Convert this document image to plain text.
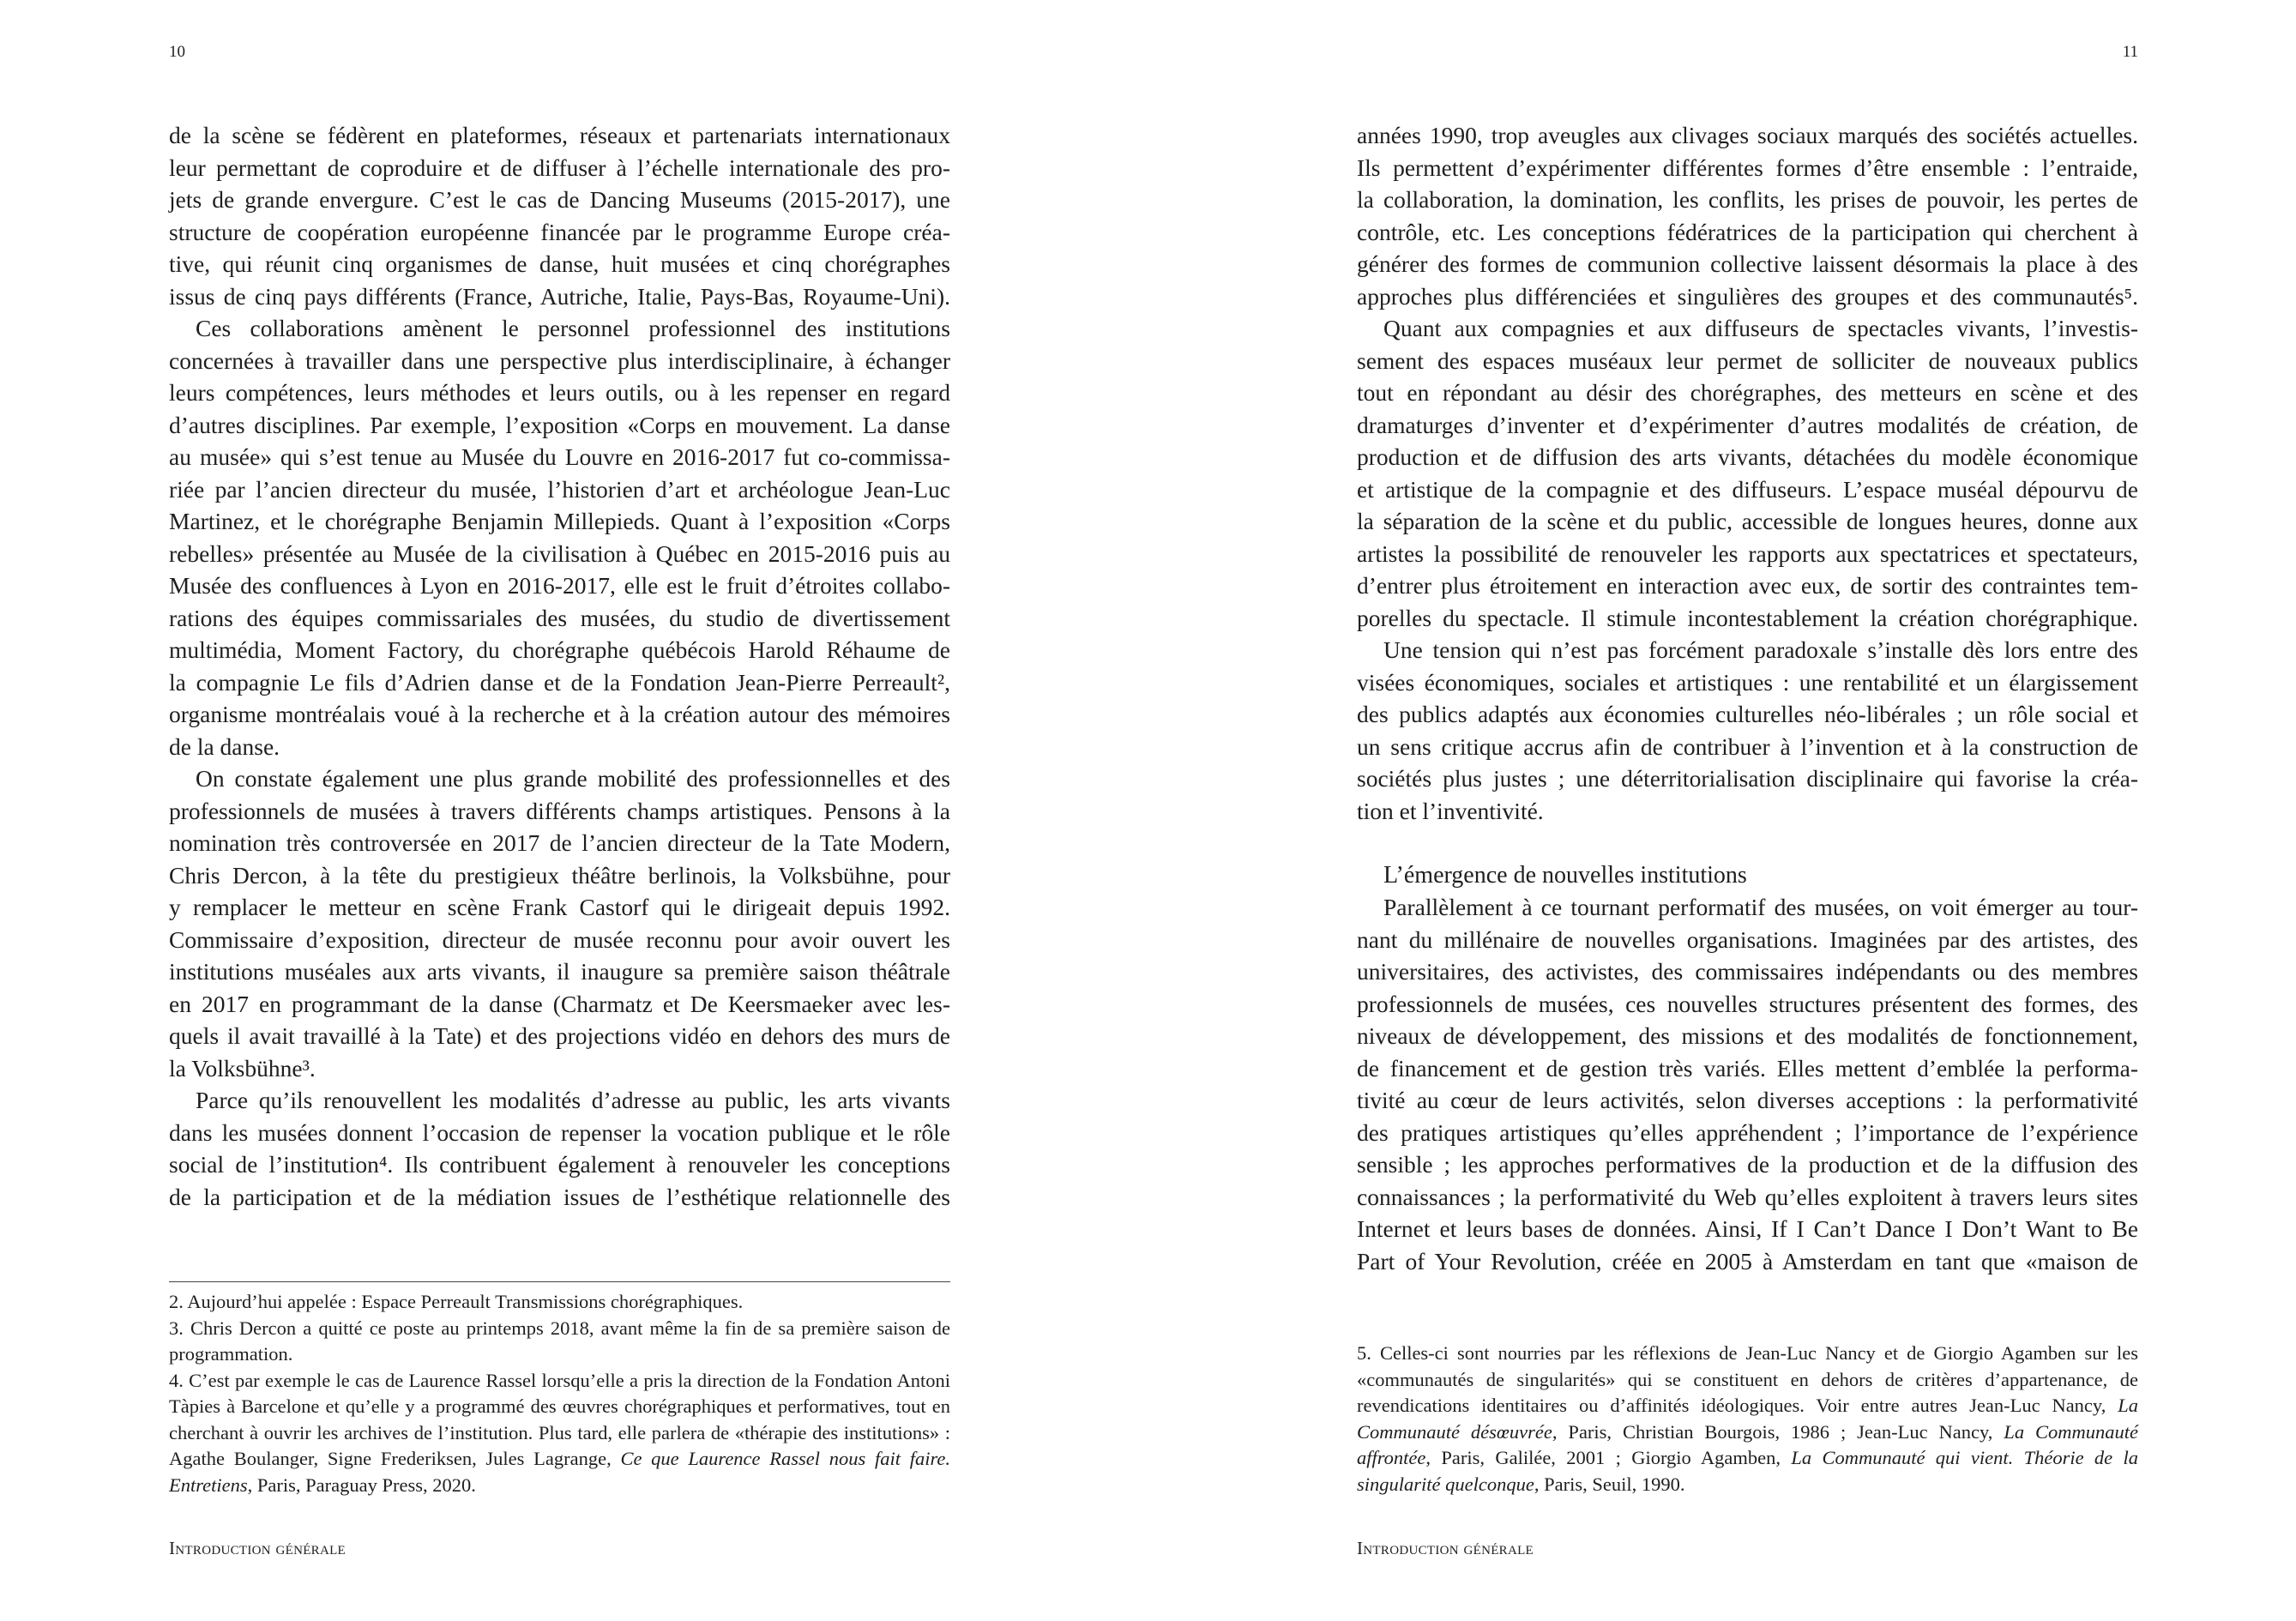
10
de la scène se fédèrent en plateformes, réseaux et partenariats internationaux
leur permettant de coproduire et de diffuser à l’échelle internationale des pro-
jets de grande envergure. C’est le cas de Dancing Museums (2015-2017), une
structure de coopération européenne financée par le programme Europe créa-
tive, qui réunit cinq organismes de danse, huit musées et cinq chorégraphes
issus de cinq pays différents (France, Autriche, Italie, Pays-Bas, Royaume-Uni).
Ces collaborations amènent le personnel professionnel des institutions
concernées à travailler dans une perspective plus interdisciplinaire, à échanger
leurs compétences, leurs méthodes et leurs outils, ou à les repenser en regard
d’autres disciplines. Par exemple, l’exposition «Corps en mouvement. La danse
au musée» qui s’est tenue au Musée du Louvre en 2016-2017 fut co-commissa-
riée par l’ancien directeur du musée, l’historien d’art et archéologue Jean-Luc
Martinez, et le chorégraphe Benjamin Millepieds. Quant à l’exposition «Corps
rebelles» présentée au Musée de la civilisation à Québec en 2015-2016 puis au
Musée des confluences à Lyon en 2016-2017, elle est le fruit d’étroites collabo-
rations des équipes commissariales des musées, du studio de divertissement
multimédia, Moment Factory, du chorégraphe québécois Harold Réhaume de
la compagnie Le fils d’Adrien danse et de la Fondation Jean-Pierre Perreault²,
organisme montréalais voué à la recherche et à la création autour des mémoires
de la danse.
On constate également une plus grande mobilité des professionnelles et des
professionnels de musées à travers différents champs artistiques. Pensons à la
nomination très controversée en 2017 de l’ancien directeur de la Tate Modern,
Chris Dercon, à la tête du prestigieux théâtre berlinois, la Volksbühne, pour
y remplacer le metteur en scène Frank Castorf qui le dirigeait depuis 1992.
Commissaire d’exposition, directeur de musée reconnu pour avoir ouvert les
institutions muséales aux arts vivants, il inaugure sa première saison théâtrale
en 2017 en programmant de la danse (Charmatz et De Keersmaeker avec les-
quels il avait travaillé à la Tate) et des projections vidéo en dehors des murs de
la Volksbühne³.
Parce qu’ils renouvellent les modalités d’adresse au public, les arts vivants
dans les musées donnent l’occasion de repenser la vocation publique et le rôle
social de l’institution⁴. Ils contribuent également à renouveler les conceptions
de la participation et de la médiation issues de l’esthétique relationnelle des

2. Aujourd’hui appelée : Espace Perreault Transmissions chorégraphiques.

3. Chris Dercon a quitté ce poste au printemps 2018, avant même la fin de sa première saison de programmation.

4. C’est par exemple le cas de Laurence Rassel lorsqu’elle a pris la direction de la Fondation Antoni Tàpies à Barcelone et qu’elle y a programmé des œuvres chorégraphiques et performatives, tout en cherchant à ouvrir les archives de l’institution. Plus tard, elle parlera de «thérapie des institutions» : Agathe Boulanger, Signe Frederiksen, Jules Lagrange, Ce que Laurence Rassel nous fait faire. Entretiens, Paris, Paraguay Press, 2020.

Introduction générale
11
années 1990, trop aveugles aux clivages sociaux marqués des sociétés actuelles.
Ils permettent d’expérimenter différentes formes d’être ensemble : l’entraide,
la collaboration, la domination, les conflits, les prises de pouvoir, les pertes de
contrôle, etc. Les conceptions fédératrices de la participation qui cherchent à
générer des formes de communion collective laissent désormais la place à des
approches plus différenciées et singulières des groupes et des communautés⁵.
Quant aux compagnies et aux diffuseurs de spectacles vivants, l’investis-
sement des espaces muséaux leur permet de solliciter de nouveaux publics
tout en répondant au désir des chorégraphes, des metteurs en scène et des
dramaturges d’inventer et d’expérimenter d’autres modalités de création, de
production et de diffusion des arts vivants, détachées du modèle économique
et artistique de la compagnie et des diffuseurs. L’espace muséal dépourvu de
la séparation de la scène et du public, accessible de longues heures, donne aux
artistes la possibilité de renouveler les rapports aux spectatrices et spectateurs,
d’entrer plus étroitement en interaction avec eux, de sortir des contraintes tem-
porelles du spectacle. Il stimule incontestablement la création chorégraphique.
Une tension qui n’est pas forcément paradoxale s’installe dès lors entre des
visées économiques, sociales et artistiques : une rentabilité et un élargissement
des publics adaptés aux économies culturelles néo-libérales ; un rôle social et
un sens critique accrus afin de contribuer à l’invention et à la construction de
sociétés plus justes ; une déterritorialisation disciplinaire qui favorise la créa-
tion et l’inventivité.
L’émergence de nouvelles institutions
Parallèlement à ce tournant performatif des musées, on voit émerger au tour-
nant du millénaire de nouvelles organisations. Imaginées par des artistes, des
universitaires, des activistes, des commissaires indépendants ou des membres
professionnels de musées, ces nouvelles structures présentent des formes, des
niveaux de développement, des missions et des modalités de fonctionnement,
de financement et de gestion très variés. Elles mettent d’emblée la performa-
tivité au cœur de leurs activités, selon diverses acceptions : la performativité
des pratiques artistiques qu’elles appréhendent ; l’importance de l’expérience
sensible ; les approches performatives de la production et de la diffusion des
connaissances ; la performativité du Web qu’elles exploitent à travers leurs sites
Internet et leurs bases de données. Ainsi, If I Can’t Dance I Don’t Want to Be
Part of Your Revolution, créée en 2005 à Amsterdam en tant que «maison de

5. Celles-ci sont nourries par les réflexions de Jean-Luc Nancy et de Giorgio Agamben sur les «communautés de singularités» qui se constituent en dehors de critères d’appartenance, de revendications identitaires ou d’affinités idéologiques. Voir entre autres Jean-Luc Nancy, La Communauté désœuvrée, Paris, Christian Bourgois, 1986 ; Jean-Luc Nancy, La Communauté affrontée, Paris, Galilée, 2001 ; Giorgio Agamben, La Communauté qui vient. Théorie de la singularité quelconque, Paris, Seuil, 1990.

Introduction générale
